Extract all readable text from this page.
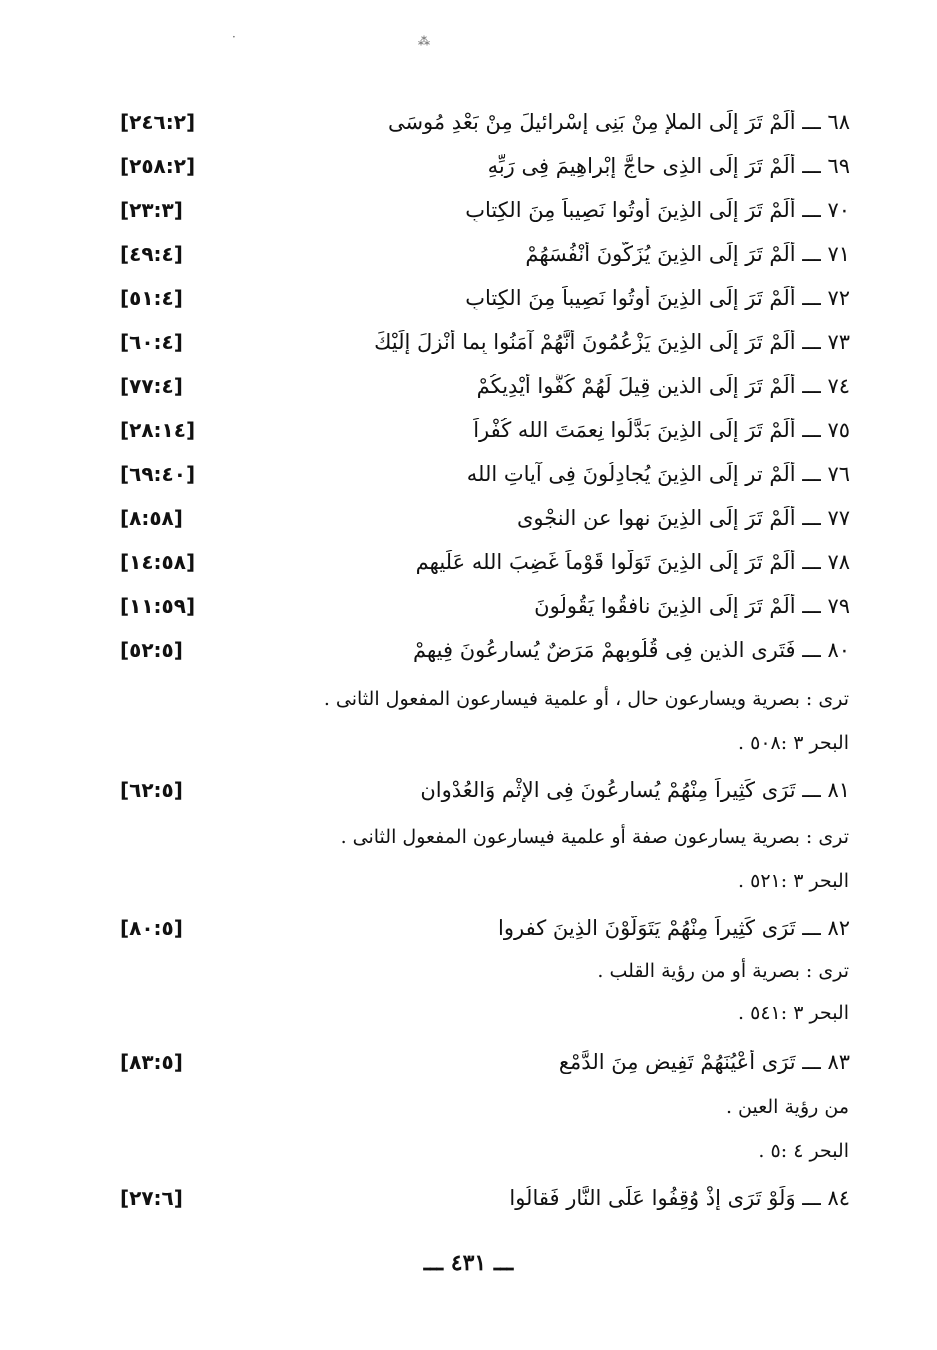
·	⁂
[٢٤٦:٢]	٦٨ ـــ أَلَمْ تَرَ إِلَى الملإ مِنْ بَنِى إِسْرائيلَ مِنْ بَعْدِ مُوسَى
[٢٥٨:٢]	٦٩ ـــ أَلَمْ تَرَ إِلَى الذِى حاجَّ إِبْراهِيمَ فِى رَبِّهِ
[٢٣:٣]	٧٠ ـــ أَلَمْ تَرَ إِلَى الذِينَ أُوتُوا نَصِيباً مِنَ الكِتابِ
[٤٩:٤]	٧١ ـــ أَلَمْ تَرَ إِلَى الذِينَ يُزَكُّونَ أَنْفُسَهُمْ
[٥١:٤]	٧٢ ـــ أَلَمْ تَرَ إِلَى الذِينَ أُوتُوا نَصِيباً مِنَ الكِتابِ
[٦٠:٤]	٧٣ ـــ أَلَمْ تَرَ إِلَى الذِينَ يَزْعُمُونَ أَنَّهُمْ آمَنُوا بِما أُنْزِلَ إِلَيْكَ
[٧٧:٤]	٧٤ ـــ أَلَمْ تَرَ إِلَى الذين قِيلَ لَهُمْ كُفُّوا أَيْدِيكُمْ
[٢٨:١٤]	٧٥ ـــ أَلَمْ تَرَ إِلَى الذِينَ بَدَّلُوا نِعمَتَ الله كُفْراً
[٦٩:٤٠]	٧٦ ـــ أَلَمْ تر إِلَى الذِينَ يُجادِلُونَ فِى آياتِ الله
[٨:٥٨]	٧٧ ـــ أَلَمْ تَرَ إِلَى الذِينَ نهوا عنِ النجْوى
[١٤:٥٨]	٧٨ ـــ أَلَمْ تَرَ إِلَى الذِينَ تَوَلَّوا قَوْماً غَضِبَ الله عَلَيهِم
[١١:٥٩]	٧٩ ـــ أَلَمْ تَرَ إِلَى الذِينَ نافقُوا يَقُولُونَ
[٥٢:٥]	٨٠ ـــ فَتَرى الذين فِى قُلُوبِهِمْ مَرَضٌ يُسارِعُونَ فِيهِمْ
ترى : بصرية ويسارعون حال ، أو علمية فيسارعون المفعول الثانى .
البحر ٣ :٥٠٨ .
[٦٢:٥]	٨١ ـــ تَرَى كَثِيراً مِنْهُمْ يُسارِعُونَ فِى الإِثْمِ وَالعُدْوان
ترى : بصرية يسارعون صفة أو علمية فيسارعون المفعول الثانى .
البحر ٣ :٥٢١ .
[٨٠:٥]	٨٢ ـــ تَرَى كَثِيراً مِنْهُمْ يَتَوَلَّوْنَ الذِينَ كفروا
ترى : بصرية أو من رؤية القلب .
البحر ٣ :٥٤١ .
[٨٣:٥]	٨٣ ـــ تَرَى أَعْيُنَهُمْ تَفِيض مِنَ الدَّمْعِ
من رؤية العين .
البحر ٤ :٥ .
[٢٧:٦]	٨٤ ـــ وَلَوْ تَرَى إِذْ وُقِفُوا عَلَى النَّارِ فَقالُوا
ـــ ٤٣١ ـــ
